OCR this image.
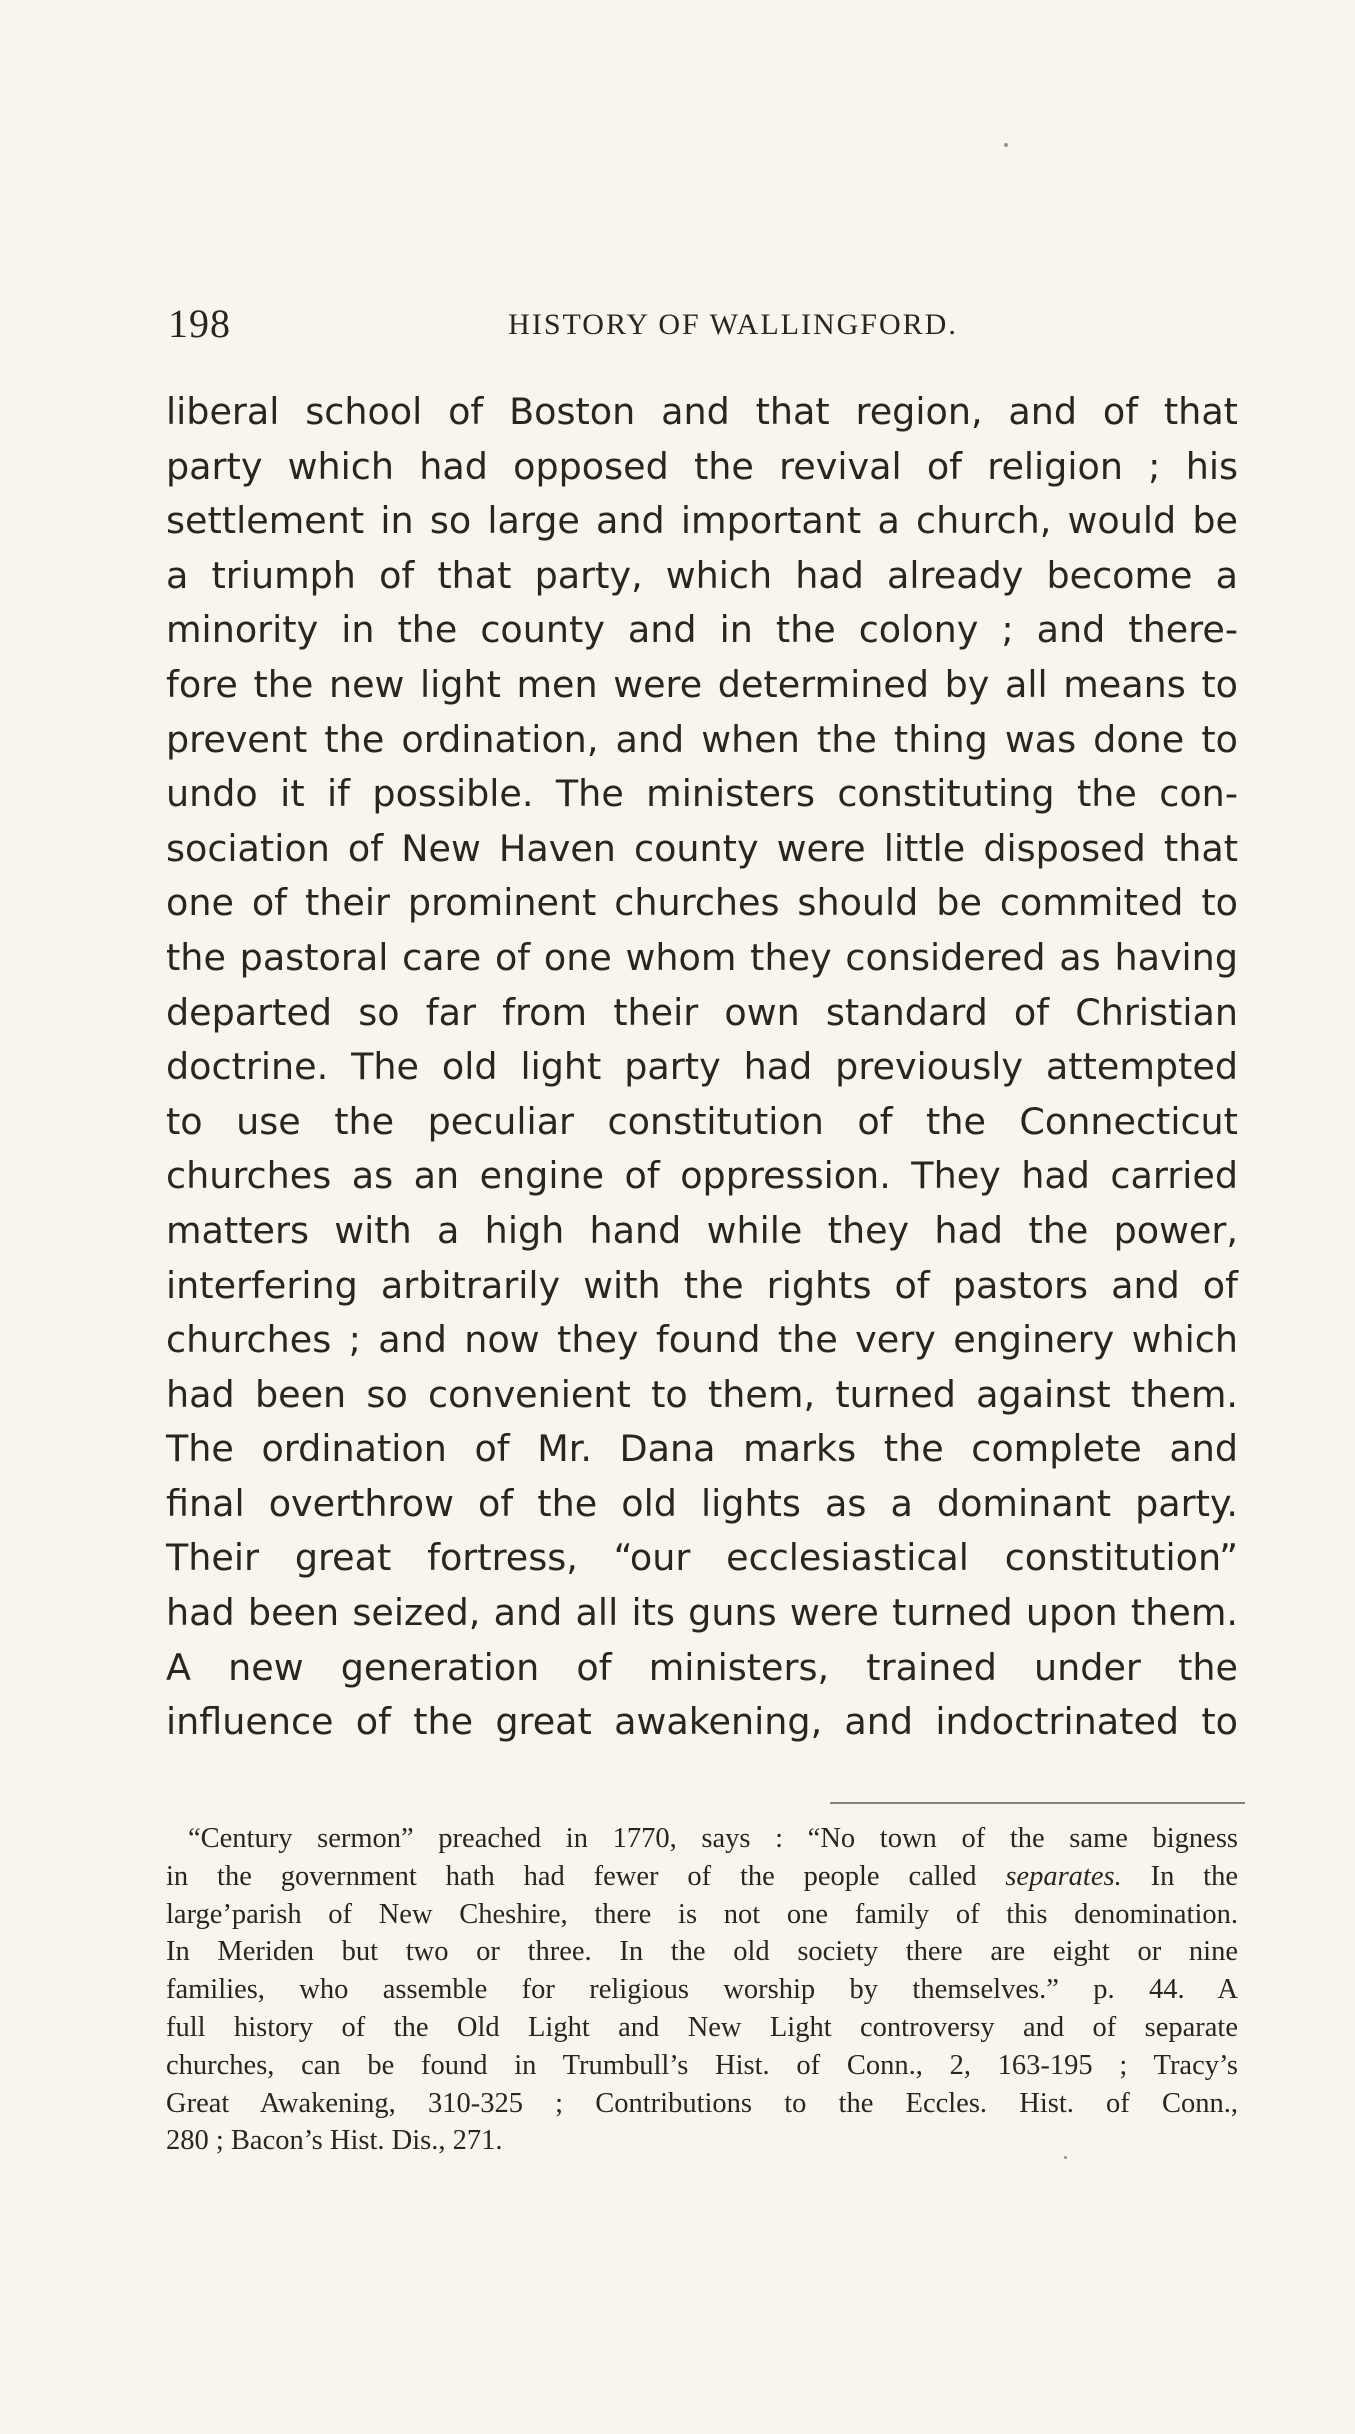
198	HISTORY OF WALLINGFORD.
liberal school of Boston and that region, and of that
party which had opposed the revival of religion ; his
settlement in so large and important a church, would be
a triumph of that party, which had already become a
minority in the county and in the colony ; and there-
fore the new light men were determined by all means to
prevent the ordination, and when the thing was done to
undo it if possible. The ministers constituting the con-
sociation of New Haven county were little disposed that
one of their prominent churches should be commited to
the pastoral care of one whom they considered as having
departed so far from their own standard of Christian
doctrine. The old light party had previously attempted
to use the peculiar constitution of the Connecticut
churches as an engine of oppression. They had carried
matters with a high hand while they had the power,
interfering arbitrarily with the rights of pastors and of
churches ; and now they found the very enginery which
had been so convenient to them, turned against them.
The ordination of Mr. Dana marks the complete and
final overthrow of the old lights as a dominant party.
Their great fortress, “our ecclesiastical constitution”
had been seized, and all its guns were turned upon them.
A new generation of ministers, trained under the
influence of the great awakening, and indoctrinated to
“Century sermon” preached in 1770, says : “No town of the same bigness
in the government hath had fewer of the people called separates. In the
largeʼparish of New Cheshire, there is not one family of this denomination.
In Meriden but two or three. In the old society there are eight or nine
families, who assemble for religious worship by themselves.” p. 44. A
full history of the Old Light and New Light controversy and of separate
churches, can be found in Trumbull’s Hist. of Conn., 2, 163-195 ; Tracy’s
Great Awakening, 310-325 ; Contributions to the Eccles. Hist. of Conn.,
280 ; Bacon’s Hist. Dis., 271.
